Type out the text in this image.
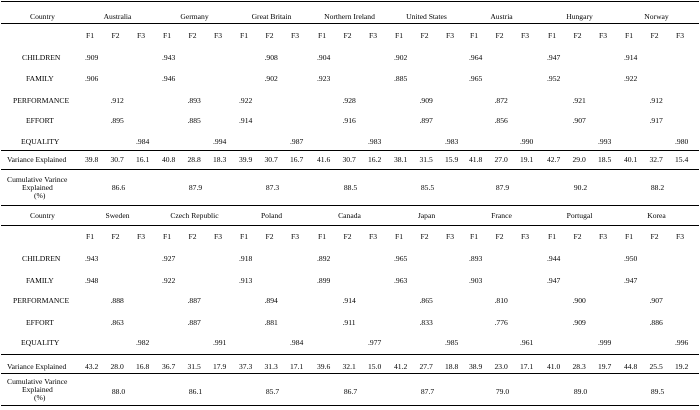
Country	Australia
F1 F2 F3
.909
.906
.912
.895
.984
39.8 30.7 16.1
86.6
Germany
F1 F2 F3
.943
.946
.893
.885
.994
40.8 28.8 18.3
87.9
Great Britain
F1 F2 F3
.908
.902
.922
.914
.987
39.9 30.7 16.7
87.3
Northern Ireland
F1 F2 F3
.904
.923
.928
.916
.983
41.6 30.7 16.2
88.5
United States
F1 F2 F3
.902
.885
.909
.897
.983
38.1 31.5 15.9
85.5
Austria
F1 F2 F3
.964
.965
.872
.856
.990
41.8 27.0 19.1
87.9
Hungary
F1 F2 F3
.947
.952
.921
.907
.993
42.7 29.0 18.5
90.2
Norway
F1 F2 F3
.914
.922
.912
.917
.980
40.1 32.7 15.4
88.2
CHILDREN
FAMILY
PERFORMANCE
EFFORT
EQUALITY
Variance Explained
Cumulative Varince
Explained
(%)
Country	Sweden
F1 F2 F3
.943
.948
.888
.863
.982
43.2 28.0 16.8
88.0
Czech Republic
F1 F2 F3
.927
.922
.887
.887
.991
36.7 31.5 17.9
86.1
Poland
F1 F2 F3
.918
.913
.894
.881
.984
37.3 31.3 17.1
85.7
Canada
F1 F2 F3
.892
.899
.914
.911
.977
39.6 32.1 15.0
86.7
Japan
F1 F2 F3
.965
.963
.865
.833
.985
41.2 27.7 18.8
87.7
France
F1 F2 F3
.893
.903
.810
.776
.961
38.9 23.0 17.1
79.0
Portugal
F1 F2 F3
.944
.947
.900
.909
.999
41.0 28.3 19.7
89.0
Korea
F1 F2 F3
.950
.947
.907
.886
.996
44.8 25.5 19.2
89.5
CHILDREN
FAMILY
PERFORMANCE
EFFORT
EQUALITY
Variance Explained
Cumulative Varince
Explained
(%)
